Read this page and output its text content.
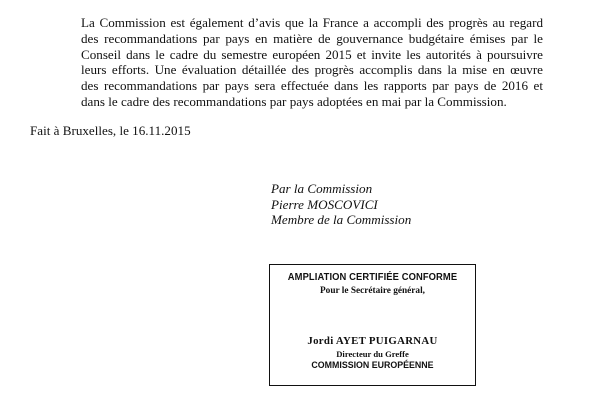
La Commission est également d’avis que la France a accompli des progrès au regard
des recommandations par pays en matière de gouvernance budgétaire émises par le
Conseil dans le cadre du semestre européen 2015 et invite les autorités à poursuivre
leurs efforts. Une évaluation détaillée des progrès accomplis dans la mise en œuvre
des recommandations par pays sera effectuée dans les rapports par pays de 2016 et
dans le cadre des recommandations par pays adoptées en mai par la Commission.

Fait à Bruxelles, le 16.11.2015

Par la Commission
Pierre MOSCOVICI
Membre de la Commission
AMPLIATION CERTIFIÉE CONFORME
Pour le Secrétaire général,
Jordi AYET PUIGARNAU
Directeur du Greffe
COMMISSION EUROPÉENNE
